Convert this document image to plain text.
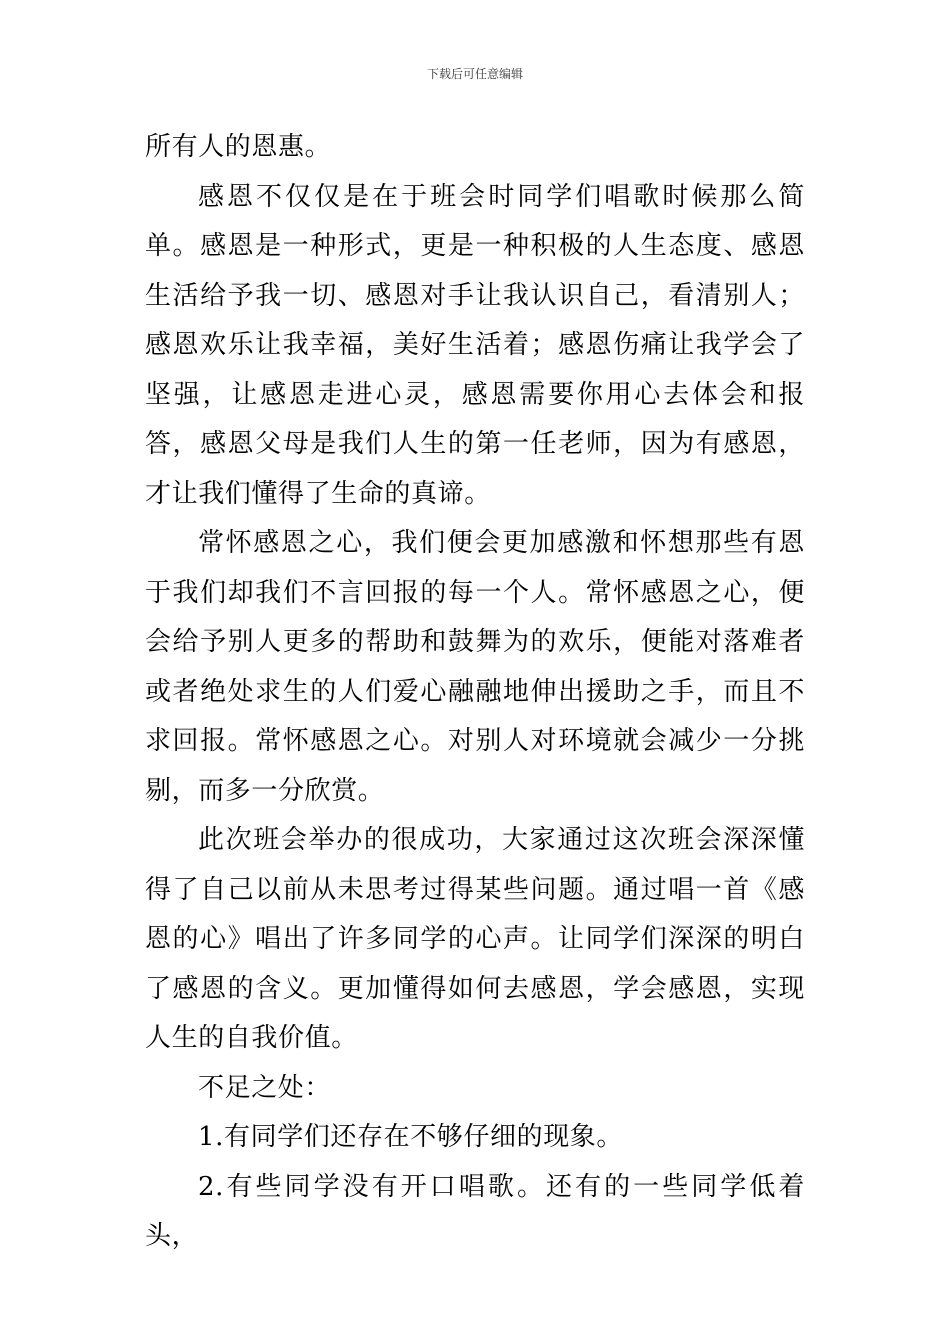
下载后可任意编辑

所有人的恩惠。

感恩不仅仅是在于班会时同学们唱歌时候那么简单。感恩是一种形式，更是一种积极的人生态度、感恩生活给予我一切、感恩对手让我认识自己，看清别人；感恩欢乐让我幸福，美好生活着；感恩伤痛让我学会了坚强，让感恩走进心灵，感恩需要你用心去体会和报答，感恩父母是我们人生的第一任老师，因为有感恩，才让我们懂得了生命的真谛。

常怀感恩之心，我们便会更加感激和怀想那些有恩于我们却我们不言回报的每一个人。常怀感恩之心，便会给予别人更多的帮助和鼓舞为的欢乐，便能对落难者或者绝处求生的人们爱心融融地伸出援助之手，而且不求回报。常怀感恩之心。对别人对环境就会减少一分挑剔，而多一分欣赏。

此次班会举办的很成功，大家通过这次班会深深懂得了自己以前从未思考过得某些问题。通过唱一首《感恩的心》唱出了许多同学的心声。让同学们深深的明白了感恩的含义。更加懂得如何去感恩，学会感恩，实现人生的自我价值。

不足之处：

1.有同学们还存在不够仔细的现象。

2.有些同学没有开口唱歌。还有的一些同学低着头，
